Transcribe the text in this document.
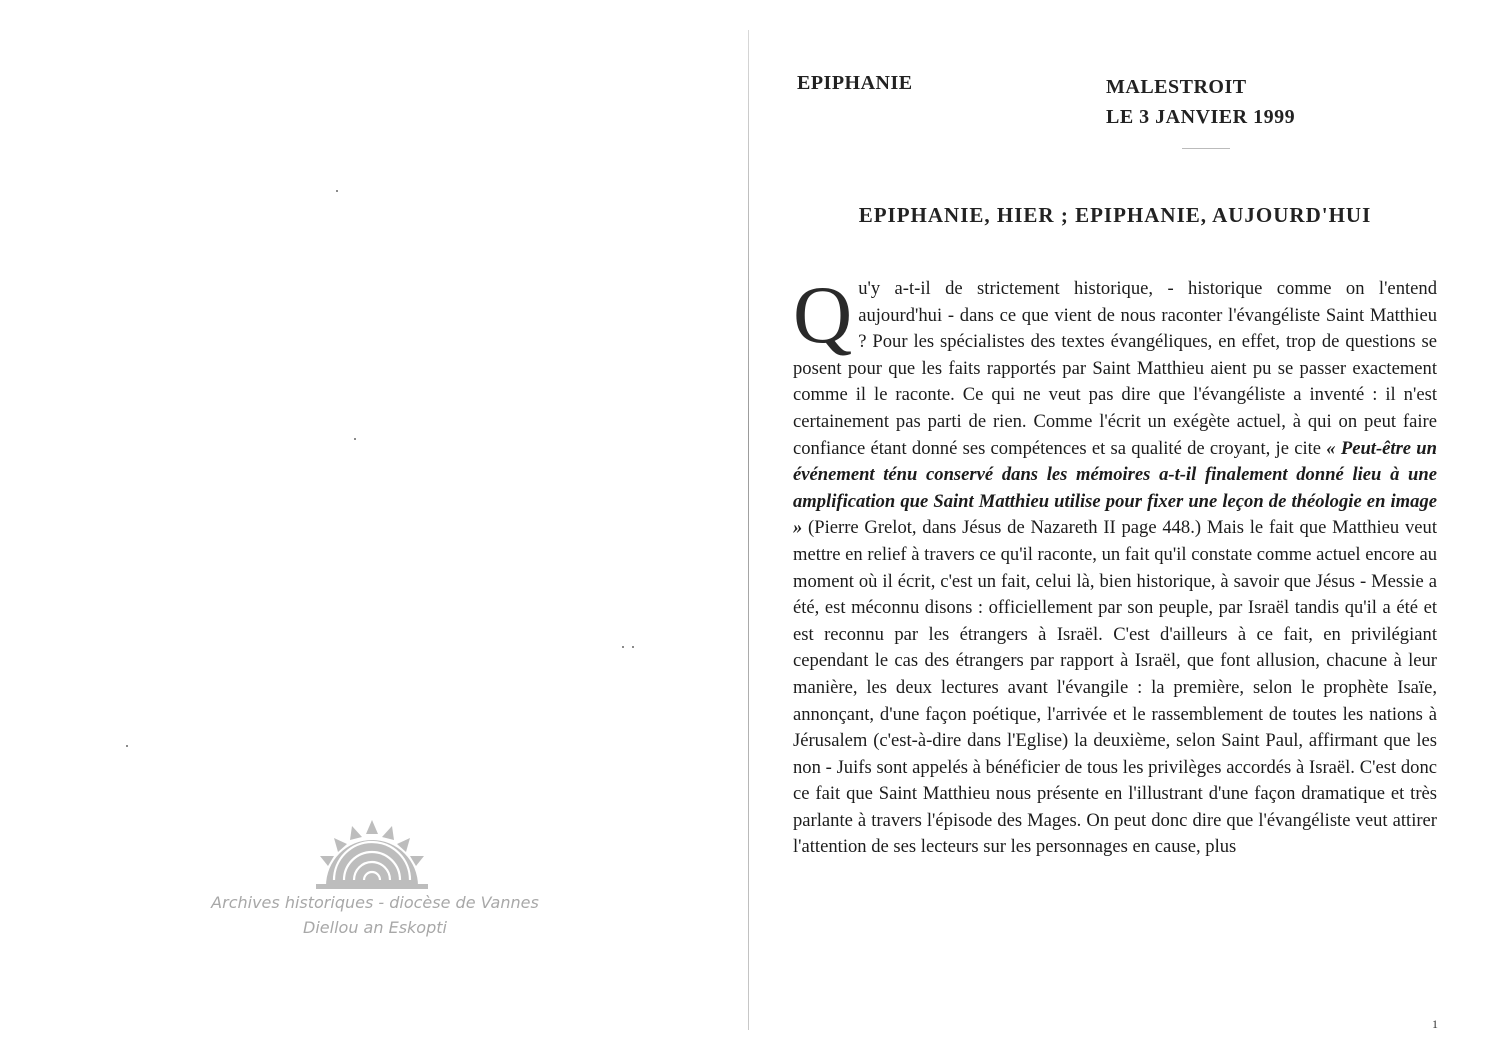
Archives historiques - diocèse de Vannes
Diellou an Eskopti
EPIPHANIE	MALESTROIT
LE 3 JANVIER 1999
EPIPHANIE, HIER ; EPIPHANIE, AUJOURD'HUI
Qu'y a-t-il de strictement historique, - historique comme on l'entend aujourd'hui - dans ce que vient de nous raconter l'évangéliste Saint Matthieu ? Pour les spécialistes des textes évangéliques, en effet, trop de questions se posent pour que les faits rapportés par Saint Matthieu aient pu se passer exactement comme il le raconte. Ce qui ne veut pas dire que l'évangéliste a inventé : il n'est certainement pas parti de rien. Comme l'écrit un exégète actuel, à qui on peut faire confiance étant donné ses compétences et sa qualité de croyant, je cite « Peut-être un événement ténu conservé dans les mémoires a-t-il finalement donné lieu à une amplification que Saint Matthieu utilise pour fixer une leçon de théologie en image » (Pierre Grelot, dans Jésus de Nazareth II page 448.) Mais le fait que Matthieu veut mettre en relief à travers ce qu'il raconte, un fait qu'il constate comme actuel encore au moment où il écrit, c'est un fait, celui là, bien historique, à savoir que Jésus - Messie a été, est méconnu disons : officiellement par son peuple, par Israël tandis qu'il a été et est reconnu par les étrangers à Israël. C'est d'ailleurs à ce fait, en privilégiant cependant le cas des étrangers par rapport à Israël, que font allusion, chacune à leur manière, les deux lectures avant l'évangile : la première, selon le prophète Isaïe, annonçant, d'une façon poétique, l'arrivée et le rassemblement de toutes les nations à Jérusalem (c'est-à-dire dans l'Eglise) la deuxième, selon Saint Paul, affirmant que les non - Juifs sont appelés à bénéficier de tous les privilèges accordés à Israël. C'est donc ce fait que Saint Matthieu nous présente en l'illustrant d'une façon dramatique et très parlante à travers l'épisode des Mages. On peut donc dire que l'évangéliste veut attirer l'attention de ses lecteurs sur les personnages en cause, plus
1
